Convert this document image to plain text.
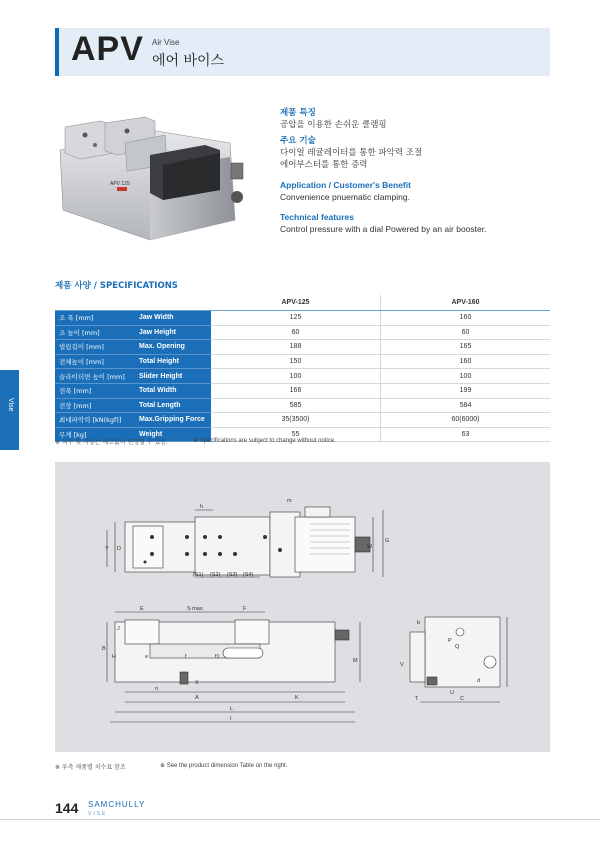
APV Air Vise
에어 바이스
APV 125
제품 특징
공압을 이용한 손쉬운 클램핑
주요 기술
다이얼 레귤레이터를 통한 파악력 조절
에어부스터를 통한 증력
Application / Customer's Benefit
Convenience pnuematic clamping.
Technical features
Control pressure with a dial Powered by an air booster.
제품 사양 / SPECIFICATIONS
		APV-125	APV-160
조 폭 [mm]	Jaw Width	125	160
조 높이 [mm]	Jaw Height	60	60
벌림길이 [mm]	Max. Opening	188	165
전체높이 [mm]	Total Height	150	160
슬라이더면 높이 [mm]	Slider Height	100	100
전폭 [mm]	Total Width	166	199
전장 [mm]	Total Length	585	584
최대파악력 [kN(kgf)]	Max.Gripping Force	35(3500)	60(6000)
무게 [kg]	Weight	55	63
※ 치수 및 사양은 예고없이 변경될 수 있음.	※ Specifications are subject to change without notice.
Vise
h
m
Y D	W
G
(S1) (S2) (S3) (S4)
E	S max.	F
J
B
H	e	f	f1
M
X
n
A	K
L
I
b
P
V
Q
U
d
T	C
※ 우측 제품별 치수표 참조	※ See the product dimension Table on the right.
144 SAMCHULLY
VISE
